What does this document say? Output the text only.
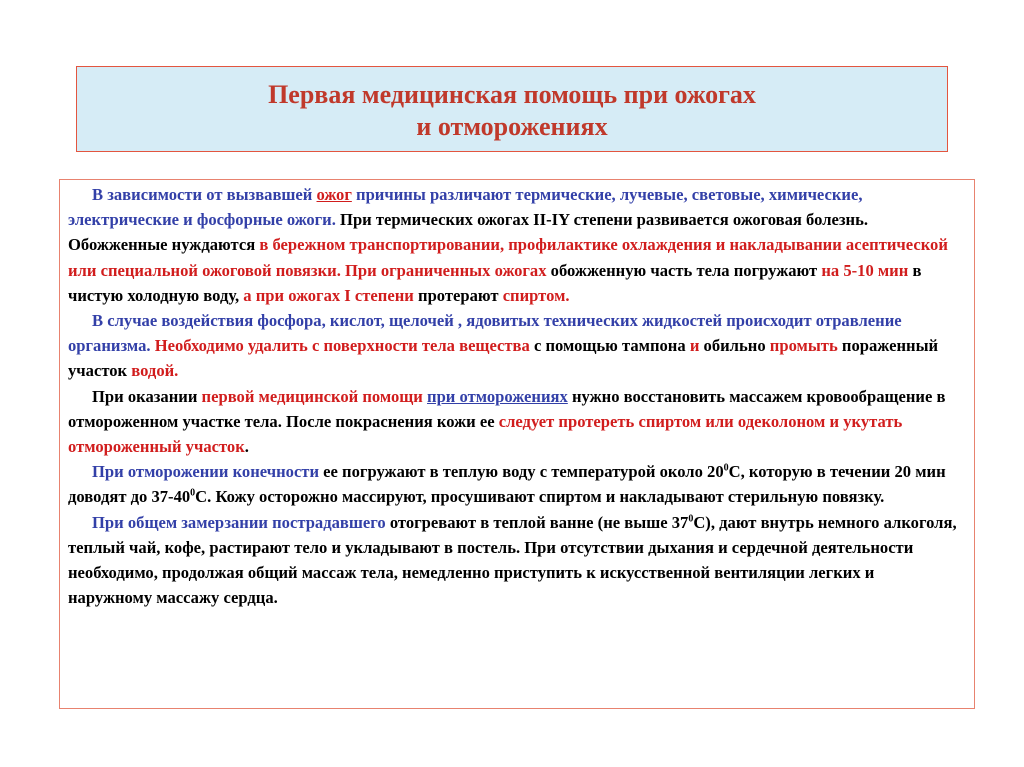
Первая медицинская помощь при ожогах
и отморожениях

В зависимости от вызвавшей ожог причины различают термические, лучевые, световые, химические, электрические и фосфорные ожоги. При термических ожогах II-IY степени развивается ожоговая болезнь. Обожженные нуждаются в бережном транспортировании, профилактике охлаждения и накладывании асептической или специальной ожоговой повязки. При ограниченных ожогах обожженную часть тела погружают на 5-10 мин в чистую холодную воду, а при ожогах I степени протерают спиртом.

В случае воздействия фосфора, кислот, щелочей , ядовитых технических жидкостей происходит отравление организма. Необходимо удалить с поверхности тела вещества с помощью тампона и обильно промыть пораженный участок водой.

При оказании первой медицинской помощи при отморожениях нужно восстановить массажем кровообращение в отмороженном участке тела. После покраснения кожи ее следует протереть спиртом или одеколоном и укутать отмороженный участок.

При отморожении конечности ее погружают в теплую воду с температурой около $20^0С$, которую в течении 20 мин доводят до $37-40^0С$. Кожу осторожно массируют, просушивают спиртом и накладывают стерильную повязку.

При общем замерзании пострадавшего отогревают в теплой ванне (не выше $37^0С$), дают внутрь немного алкоголя, теплый чай, кофе, растирают тело и укладывают в постель. При отсутствии дыхания и сердечной деятельности необходимо, продолжая общий массаж тела, немедленно приступить к искусственной вентиляции легких и наружному массажу сердца.
